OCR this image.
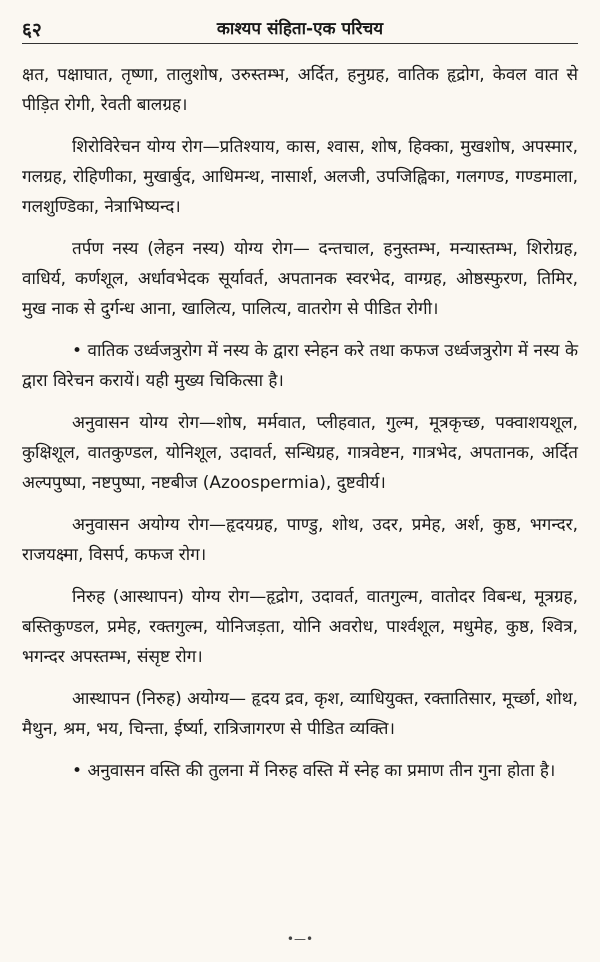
६२	काश्यप संहिता-एक परिचय

क्षत, पक्षाघात, तृष्णा, तालुशोष, उरुस्तम्भ, अर्दित, हनुग्रह, वातिक हृद्रोग, केवल वात से पीड़ित रोगी, रेवती बालग्रह।

शिरोविरेचन योग्य रोग—प्रतिश्याय, कास, श्वास, शोष, हिक्का, मुखशोष, अपस्मार, गलग्रह, रोहिणीका, मुखार्बुद, आधिमन्थ, नासार्श, अलजी, उपजिह्विका, गलगण्ड, गण्डमाला, गलशुण्डिका, नेत्राभिष्यन्द।

तर्पण नस्य (लेहन नस्य) योग्य रोग— दन्तचाल, हनुस्तम्भ, मन्यास्तम्भ, शिरोग्रह, वाधिर्य, कर्णशूल, अर्धावभेदक सूर्यावर्त, अपतानक स्वरभेद, वाग्ग्रह, ओष्ठस्फुरण, तिमिर, मुख नाक से दुर्गन्ध आना, खालित्य, पालित्य, वातरोग से पीडित रोगी।

• वातिक उर्ध्वजत्रुरोग में नस्य के द्वारा स्नेहन करे तथा कफज उर्ध्वजत्रुरोग में नस्य के द्वारा विरेचन करायें। यही मुख्य चिकित्सा है।

अनुवासन योग्य रोग—शोष, मर्मवात, प्लीहवात, गुल्म, मूत्रकृच्छ, पक्वाशयशूल, कुक्षिशूल, वातकुण्डल, योनिशूल, उदावर्त, सन्धिग्रह, गात्रवेष्टन, गात्रभेद, अपतानक, अर्दित अल्पपुष्पा, नष्टपुष्पा, नष्टबीज (Azoospermia), दुष्टवीर्य।

अनुवासन अयोग्य रोग—हृदयग्रह, पाण्डु, शोथ, उदर, प्रमेह, अर्श, कुष्ठ, भगन्दर, राजयक्ष्मा, विसर्प, कफज रोग।

निरुह (आस्थापन) योग्य रोग—हृद्रोग, उदावर्त, वातगुल्म, वातोदर विबन्ध, मूत्रग्रह, बस्तिकुण्डल, प्रमेह, रक्तगुल्म, योनिजड़ता, योनि अवरोध, पार्श्वशूल, मधुमेह, कुष्ठ, श्वित्र, भगन्दर अपस्तम्भ, संसृष्ट रोग।

आस्थापन (निरुह) अयोग्य— हृदय द्रव, कृश, व्याधियुक्त, रक्तातिसार, मूर्च्छा, शोथ, मैथुन, श्रम, भय, चिन्ता, ईर्ष्या, रात्रिजागरण से पीडित व्यक्ति।

• अनुवासन वस्ति की तुलना में निरुह वस्ति में स्नेह का प्रमाण तीन गुना होता है।

•—•
